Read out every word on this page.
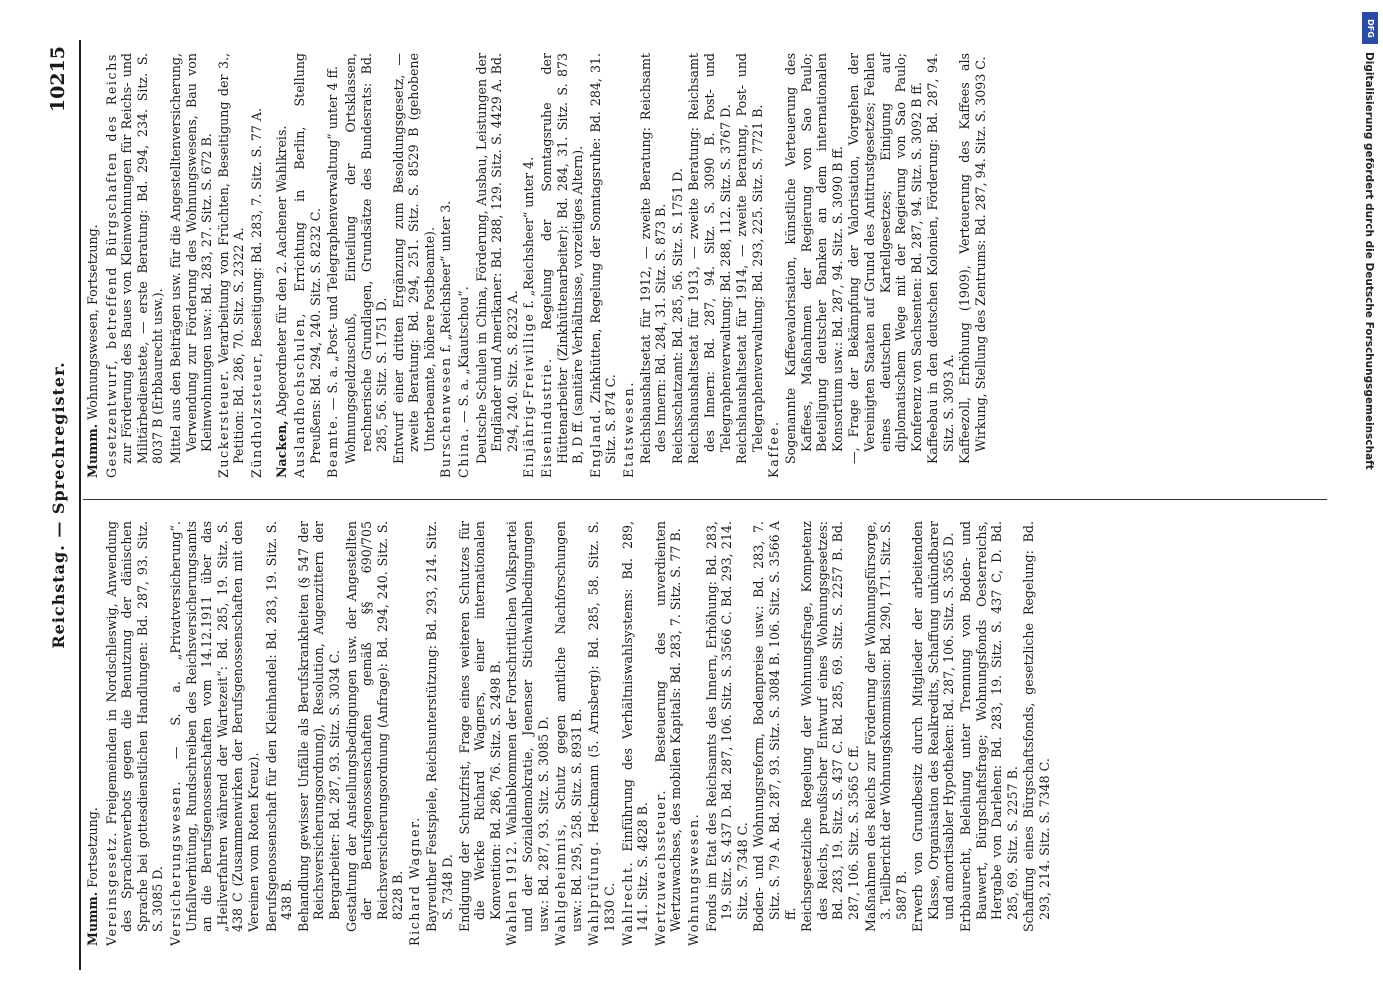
Reichstag. — Sprechregister.
10215
Mumm. Fortsetzung. Vereinsgesetz. Freigemeinden in Nordschleswig, Anwendung des Sprachenverbots gegen die Benutzung der dänischen Sprache bei gottesdienstlichen Handlungen: Bd. 287, 93. Sitz. S. 3085 D. Versicherungswesen. — S. a. „Privatversicherung“. Unfallverhütung, Rundschreiben des Reichsversicherungsamts an die Berufsgenossenschaften vom 14.12.1911 über das „Heilverfahren während der Wartezeit“: Bd. 285, 19. Sitz. S. 438 C (Zusammenwirken der Berufsgenossenschaften mit den Vereinen vom Roten Kreuz). Berufsgenossenschaft für den Kleinhandel: Bd. 283, 19. Sitz. S. 438 B. Behandlung gewisser Unfälle als Berufskrankheiten (§ 547 der Reichsversicherungsordnung), Resolution, Augenzittern der Bergarbeiter: Bd. 287, 93. Sitz. S. 3034 C. Gestaltung der Anstellungsbedingungen usw. der Angestellten der Berufsgenossenschaften gemäß §§ 690/705 Reichsversicherungsordnung (Anfrage): Bd. 294, 240. Sitz. S. 8228 B. Richard Wagner. Bayreuther Festspiele, Reichsunterstützung: Bd. 293, 214. Sitz. S. 7348 D. Endigung der Schutzfrist, Frage eines weiteren Schutzes für die Werke Richard Wagners, einer internationalen Konvention: Bd. 286, 76. Sitz. S. 2498 B. Wahlen 1912. Wahlabkommen der Fortschrittlichen Volkspartei und der Sozialdemokratie, Jenenser Stichwahlbedingungen usw.: Bd. 287, 93. Sitz. S. 3085 D. Wahlgeheimnis, Schutz gegen amtliche Nachforschungen usw.: Bd. 295, 258. Sitz. S. 8931 B. Wahlprüfung. Heckmann (5. Arnsberg): Bd. 285, 58. Sitz. S. 1830 C. Wahlrecht. Einführung des Verhältniswahlsystems: Bd. 289, 141. Sitz. S. 4828 B. Wertzuwachssteuer. Besteuerung des unverdienten Wertzuwachses, des mobilen Kapitals: Bd. 283, 7. Sitz. S. 77 B. Wohnungswesen. Fonds im Etat des Reichsamts des Innern, Erhöhung: Bd. 283, 19. Sitz. S. 437 D. Bd. 287, 106. Sitz. S. 3566 C. Bd. 293, 214. Sitz. S. 7348 C. Boden- und Wohnungsreform, Bodenpreise usw.: Bd. 283, 7. Sitz. S. 79 A. Bd. 287, 93. Sitz. S. 3084 B. 106. Sitz. S. 3566 A ff. Reichsgesetzliche Regelung der Wohnungsfrage, Kompetenz des Reichs, preußischer Entwurf eines Wohnungsgesetzes: Bd. 283, 19. Sitz. S. 437 C. Bd. 285, 69. Sitz. S. 2257 B. Bd. 287, 106. Sitz. S. 3565 C ff. Maßnahmen des Reichs zur Förderung der Wohnungsfürsorge, 3. Teilbericht der Wohnungskommission: Bd. 290, 171. Sitz. S. 5887 B. Erwerb von Grundbesitz durch Mitglieder der arbeitenden Klasse, Organisation des Realkredits, Schaffung unkündbarer und amortisabler Hypotheken: Bd. 287, 106. Sitz. S. 3565 D. Erbbaurecht, Beleihung unter Trennung von Boden- und Bauwert, Bürgschaftsfrage; Wohnungsfonds Oesterreichs, Hergabe von Darlehen: Bd. 283, 19. Sitz. S. 437 C, D. Bd. 285, 69. Sitz. S. 2257 B. Schaffung eines Bürgschaftsfonds, gesetzliche Regelung: Bd. 293, 214. Sitz. S. 7348 C.
Mumm. Wohnungswesen, Fortsetzung. Gesetzentwurf, betreffend Bürgschaften des Reichs zur Förderung des Baues von Kleinwohnungen für Reichs- und Militärbedienstete, — erste Beratung: Bd. 294, 234. Sitz. S. 8037 B (Erbbaurecht usw.). Mittel aus den Beiträgen usw. für die Angestelltenversicherung, Verwendung zur Förderung des Wohnungswesens, Bau von Kleinwohnungen usw.: Bd. 283, 27. Sitz. S. 672 B. Zuckersteuer. Verarbeitung von Früchten, Beseitigung der 3., Petition: Bd. 286, 70. Sitz. S. 2322 A. Zündholzsteuer, Beseitigung: Bd. 283, 7. Sitz. S. 77 A.
Nacken, Abgeordneter für den 2. Aachener Wahlkreis. Auslandhochschulen, Errichtung in Berlin, Stellung Preußens: Bd. 294, 240. Sitz. S. 8232 C. Beamte. — S. a. „Post- und Telegraphenverwaltung“ unter 4 ff. Wohnungsgeldzuschuß, Einteilung der Ortsklassen, rechnerische Grundlagen, Grundsätze des Bundesrats: Bd. 285, 56. Sitz. S. 1751 D. Entwurf einer dritten Ergänzung zum Besoldungsgesetz, — zweite Beratung: Bd. 294, 251. Sitz. S. 8529 B (gehobene Unterbeamte, höhere Postbeamte). Burschenwesen f. „Reichsheer“ unter 3.
China. — S. a. „Kiautschou“. Deutsche Schulen in China, Förderung, Ausbau, Leistungen der Engländer und Amerikaner: Bd. 288, 129. Sitz. S. 4429 A. Bd. 294, 240. Sitz. S. 8232 A. Einjährig-Freiwillige f. „Reichsheer“ unter 4.
Eisenindustrie. Regelung der Sonntagsruhe der Hüttenarbeiter (Zinkhüttenarbeiter): Bd. 284, 31. Sitz. S. 873 B, D ff. (sanitäre Verhältnisse, vorzeitiges Altern). England. Zinkhütten, Regelung der Sonntagsruhe: Bd. 284, 31. Sitz. S. 874 C. Etatswesen. Reichshaushaltsetat für 1912, — zweite Beratung: Reichsamt des Innern: Bd. 284, 31. Sitz. S. 873 B. Reichsschatzamt: Bd. 285, 56. Sitz. S. 1751 D. Reichshaushaltsetat für 1913, — zweite Beratung: Reichsamt des Innern: Bd. 287, 94. Sitz. S. 3090 B. Post- und Telegraphenverwaltung: Bd. 288, 112. Sitz. S. 3767 D. Reichshaushaltsetat für 1914, — zweite Beratung, Post- und Telegraphenverwaltung: Bd. 293, 225. Sitz. S. 7721 B. Kaffee. Sogenannte Kaffeevalorisation, künstliche Verteuerung des Kaffees, Maßnahmen der Regierung von Sao Paulo; Beteiligung deutscher Banken an dem internationalen Konsortium usw.: Bd. 287, 94. Sitz. S. 3090 B ff. —, Frage der Bekämpfung der Valorisation, Vorgehen der Vereinigten Staaten auf Grund des Antitrustgesetzes; Fehlen eines deutschen Kartellgesetzes; Einigung auf diplomatischem Wege mit der Regierung von Sao Paulo; Konferenz von Sachsenten: Bd. 287, 94. Sitz. S. 3092 B ff. Kaffeebau in den deutschen Kolonien, Förderung: Bd. 287, 94. Sitz. S. 3093 A. Kaffeezoll, Erhöhung (1909), Verteuerung des Kaffees als Wirkung, Stellung des Zentrums: Bd. 287, 94. Sitz. S. 3093 C.
DFG
Digitalisierung gefördert durch die Deutsche Forschungsgemeinschaft
